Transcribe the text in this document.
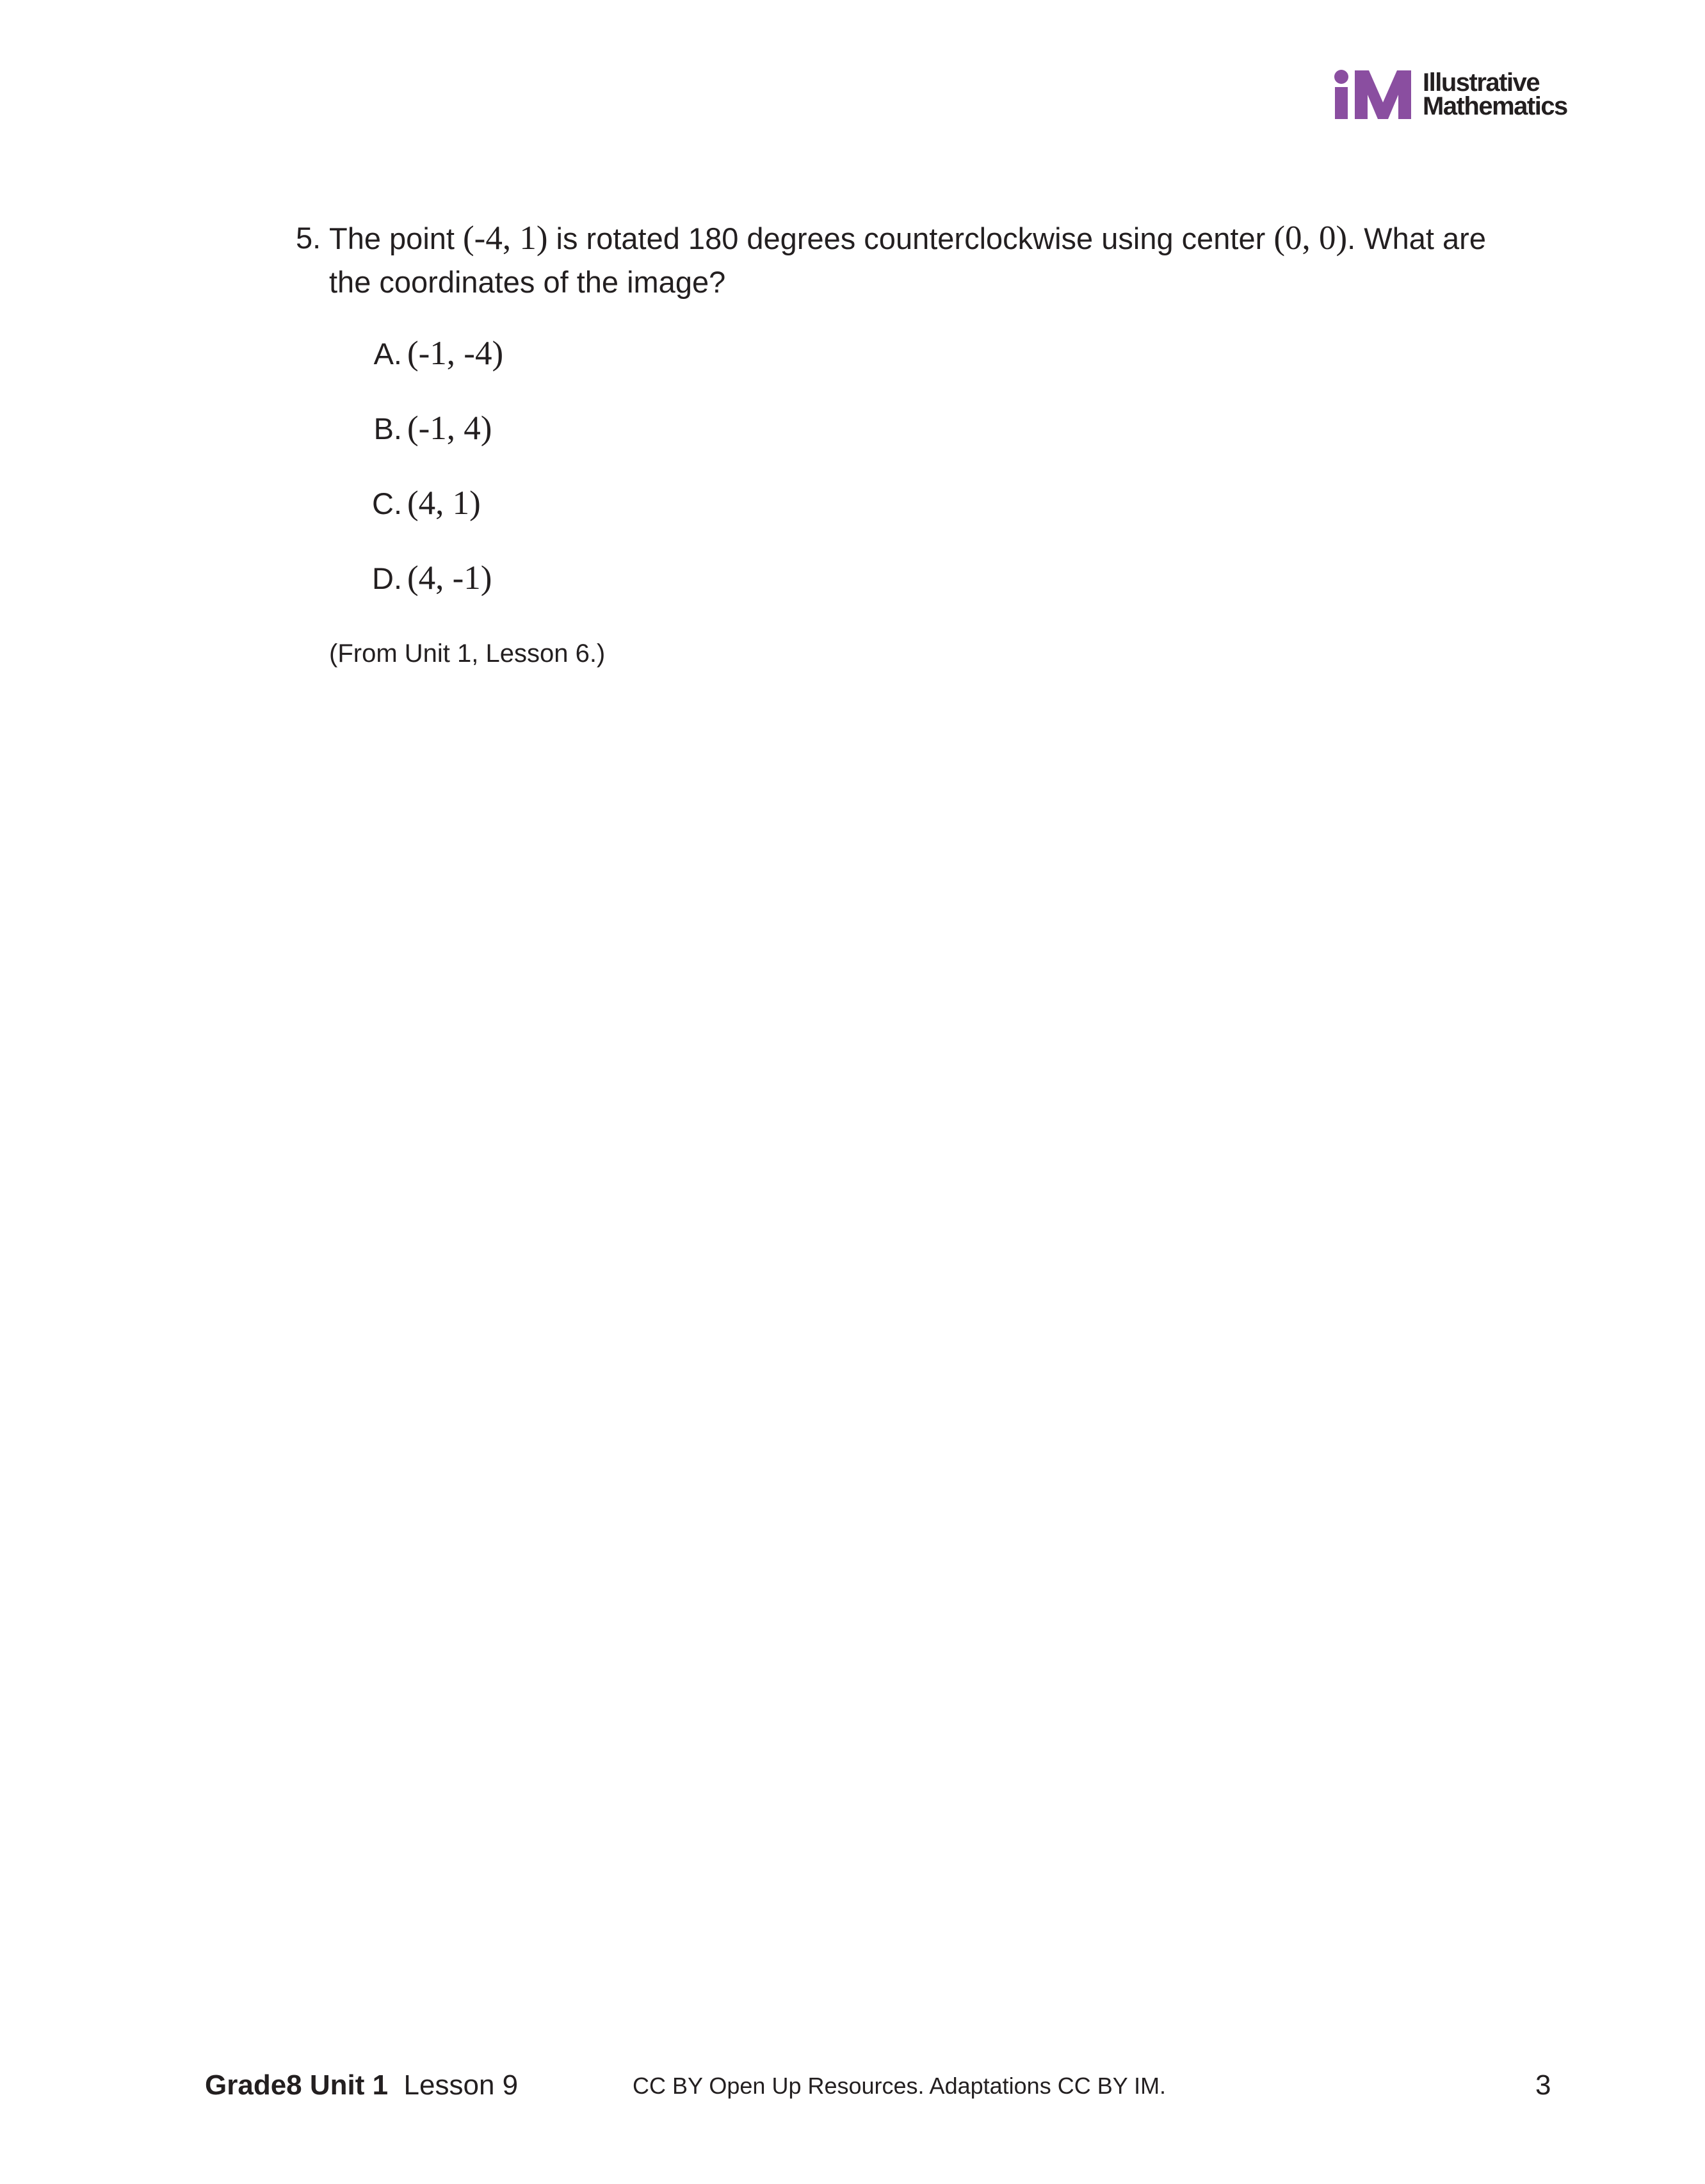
Illustrative
Mathematics
5. The point (-4, 1) is rotated 180 degrees counterclockwise using center (0, 0). What are the coordinates of the image?
A. (-1, -4)
B. (-1, 4)
C. (4, 1)
D. (4, -1)
(From Unit 1, Lesson 6.)
Grade8 Unit 1 Lesson 9	CC BY Open Up Resources. Adaptations CC BY IM.	3
